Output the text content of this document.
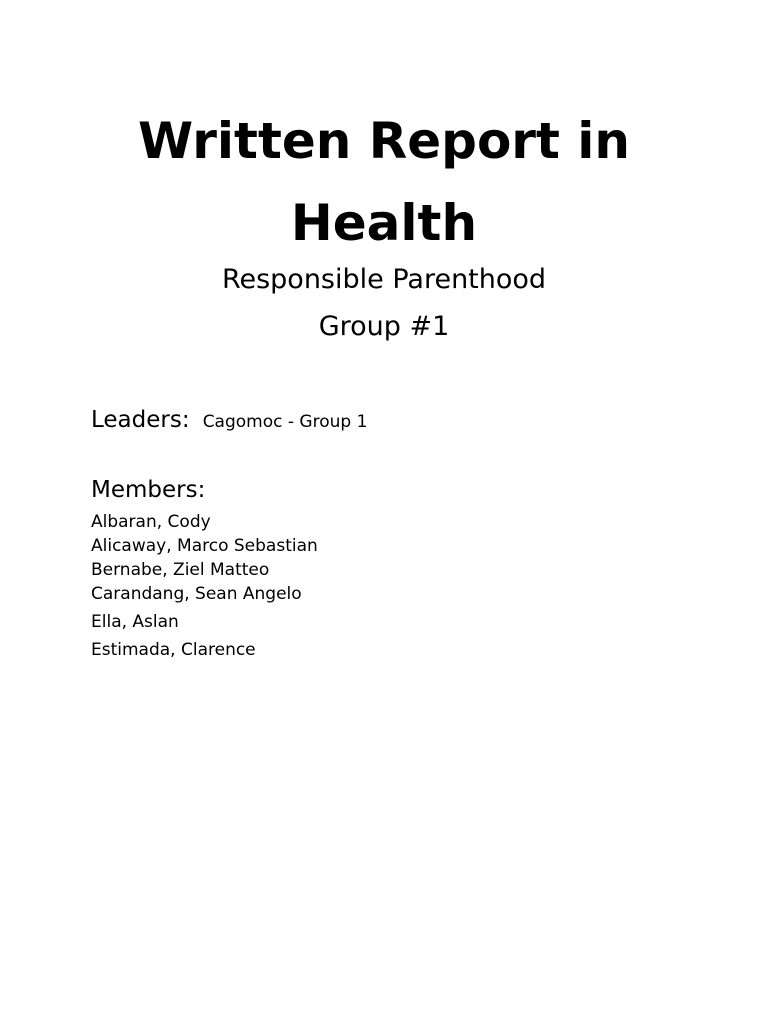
Written Report in
Health

Responsible Parenthood

Group #1

Leaders: Cagomoc - Group 1
Members:
Albaran, Cody
Alicaway, Marco Sebastian
Bernabe, Ziel Matteo
Carandang, Sean Angelo
Ella, Aslan
Estimada, Clarence
